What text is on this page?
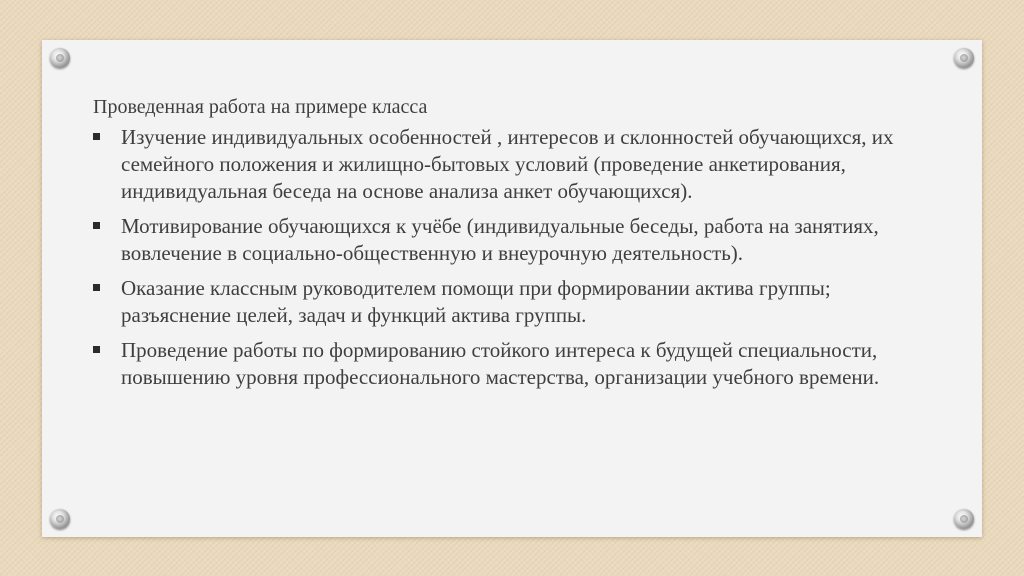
Проведенная работа на примере класса
Изучение индивидуальных особенностей , интересов и склонностей обучающихся, их семейного положения и жилищно-бытовых условий (проведение анкетирования, индивидуальная беседа на основе анализа анкет обучающихся).
Мотивирование обучающихся к учёбе (индивидуальные беседы, работа на занятиях, вовлечение в социально-общественную и внеурочную деятельность).
Оказание классным руководителем помощи при формировании актива группы; разъяснение целей, задач и функций актива группы.
Проведение работы по формированию стойкого интереса к будущей специальности, повышению уровня профессионального мастерства, организации учебного времени.
